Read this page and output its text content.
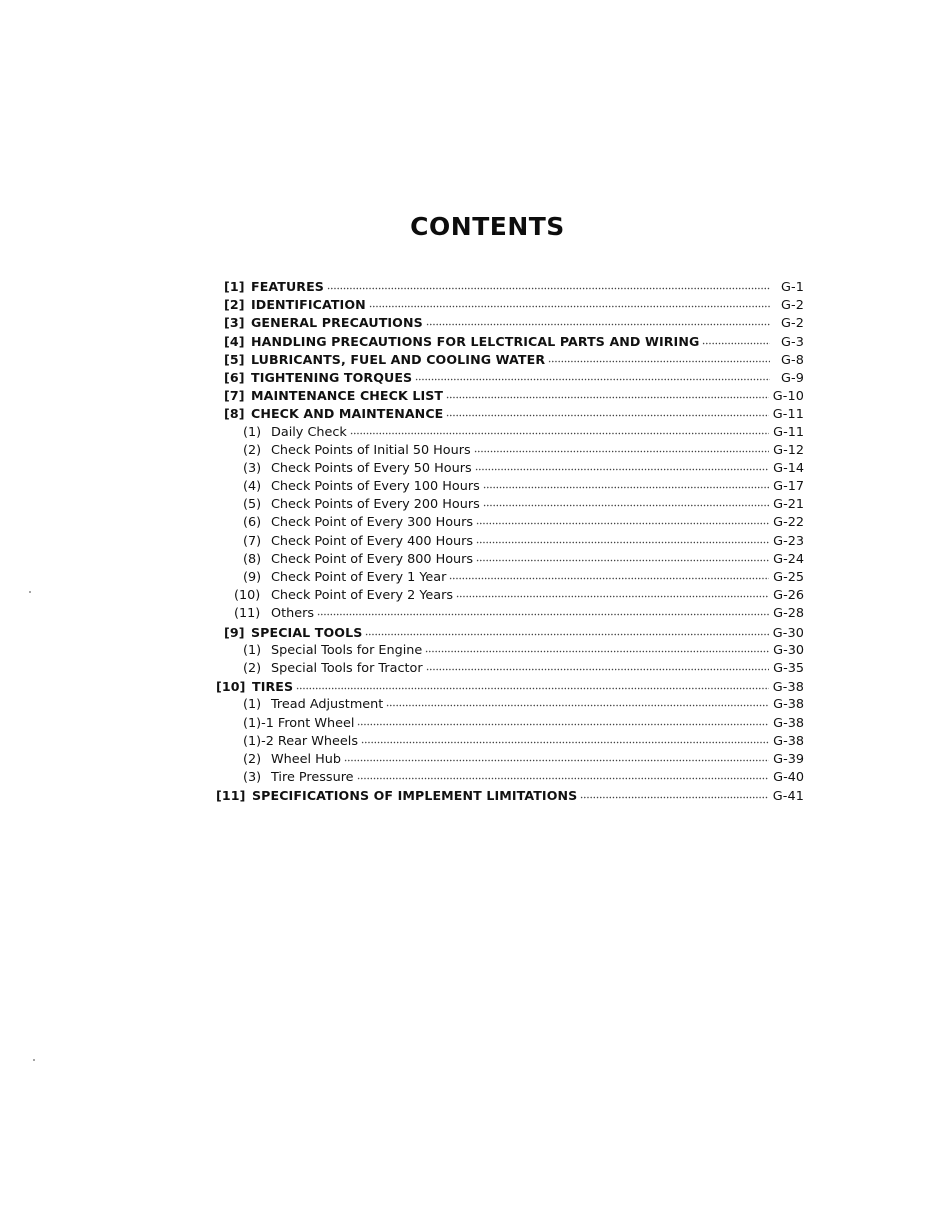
CONTENTS
[1] FEATURES	G-1
[2] IDENTIFICATION	G-2
[3] GENERAL PRECAUTIONS	G-2
[4] HANDLING PRECAUTIONS FOR LELCTRICAL PARTS AND WIRING	G-3
[5] LUBRICANTS, FUEL AND COOLING WATER	G-8
[6] TIGHTENING TORQUES	G-9
[7] MAINTENANCE CHECK LIST	G-10
[8] CHECK AND MAINTENANCE	G-11
(1) Daily Check	G-11
(2) Check Points of Initial 50 Hours	G-12
(3) Check Points of Every 50 Hours	G-14
(4) Check Points of Every 100 Hours	G-17
(5) Check Points of Every 200 Hours	G-21
(6) Check Point of Every 300 Hours	G-22
(7) Check Point of Every 400 Hours	G-23
(8) Check Point of Every 800 Hours	G-24
(9) Check Point of Every 1 Year	G-25
(10) Check Point of Every 2 Years	G-26
(11) Others	G-28
[9] SPECIAL TOOLS	G-30
(1) Special Tools for Engine	G-30
(2) Special Tools for Tractor	G-35
[10] TIRES	G-38
(1) Tread Adjustment	G-38
(1)-1 Front Wheel	G-38
(1)-2 Rear Wheels	G-38
(2) Wheel Hub	G-39
(3) Tire Pressure	G-40
[11] SPECIFICATIONS OF IMPLEMENT LIMITATIONS	G-41
